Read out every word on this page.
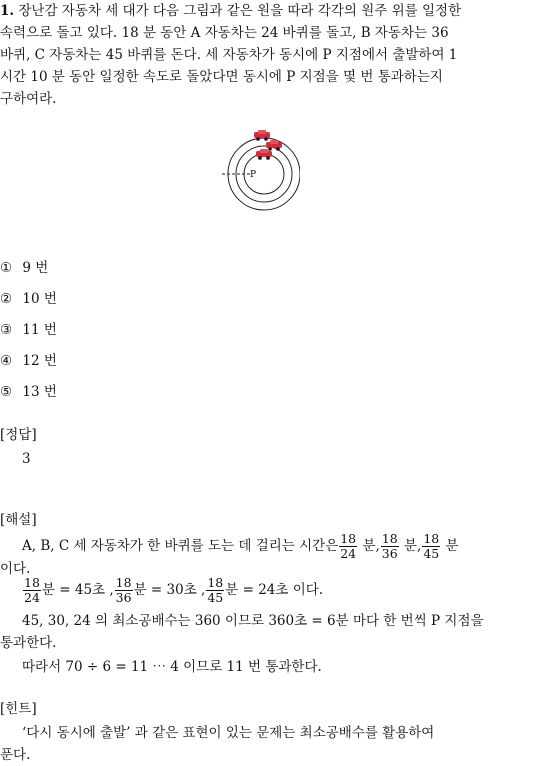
1. 장난감 자동차 세 대가 다음 그림과 같은 원을 따라 각각의 원주 위를 일정한
속력으로 돌고 있다. 18 분 동안 A 자동차는 24 바퀴를 돌고, B 자동차는 36
바퀴, C 자동차는 45 바퀴를 돈다. 세 자동차가 동시에 P 지점에서 출발하여 1
시간 10 분 동안 일정한 속도로 돌았다면 동시에 P 지점을 몇 번 통과하는지
구하여라.
P
① 9 번
② 10 번
③ 11 번
④ 12 번
⑤ 13 번
[정답]
3
[해설]
A, B, C 세 자동차가 한 바퀴를 도는 데 걸리는 시간은 $\frac{18}{24}$ 분, $\frac{18}{36}$ 분, $\frac{18}{45}$ 분
이다.
$\frac{18}{24}$ 분 = 45초 , $\frac{18}{36}$ 분 = 30초 , $\frac{18}{45}$ 분 = 24초 이다.
45, 30, 24 의 최소공배수는 360 이므로 360초 = 6분 마다 한 번씩 P 지점을
통과한다.
따라서 70 ÷ 6 = 11 ⋯ 4 이므로 11 번 통과한다.
[힌트]
‘다시 동시에 출발’ 과 같은 표현이 있는 문제는 최소공배수를 활용하여
푼다.
